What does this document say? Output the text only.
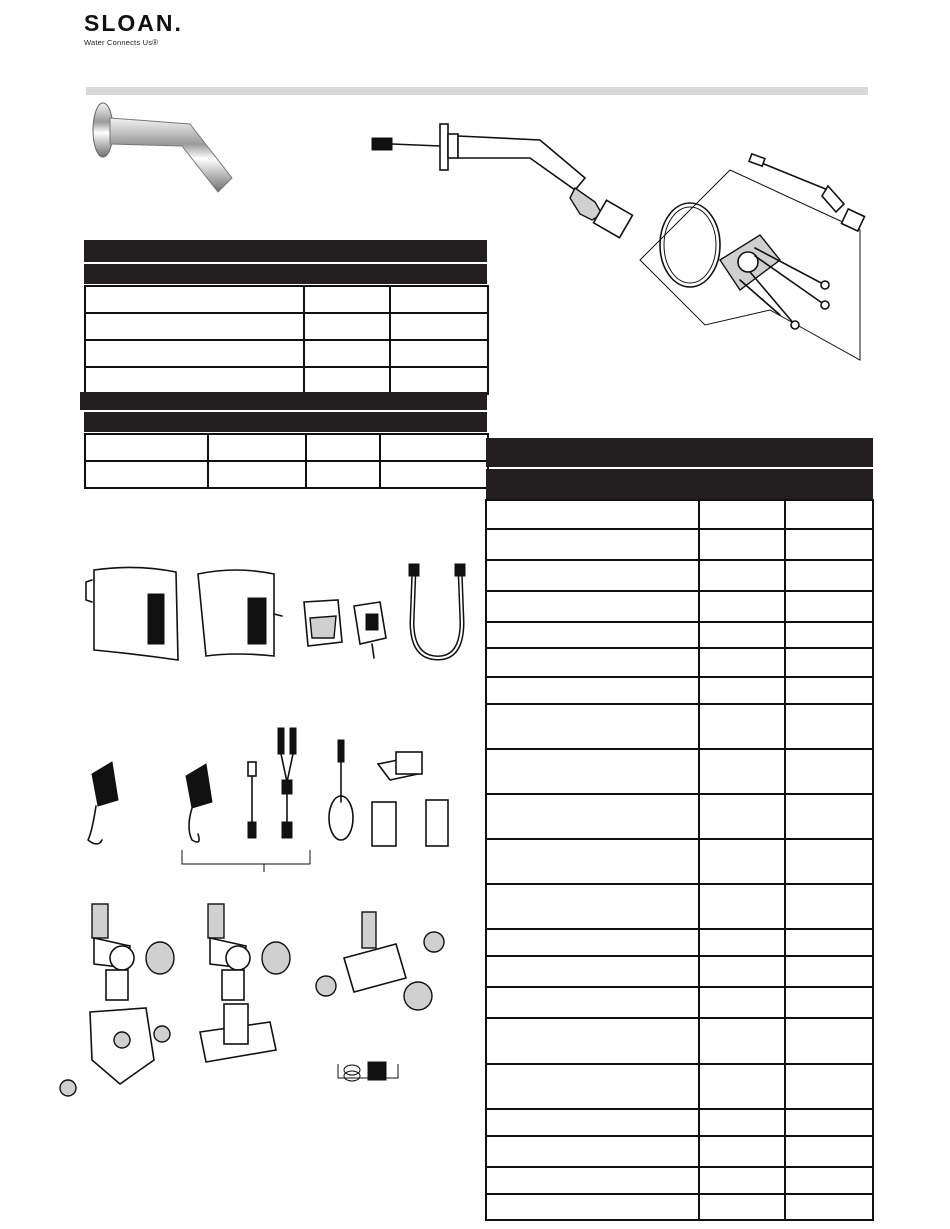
SLOAN.
Water Connects Us®
